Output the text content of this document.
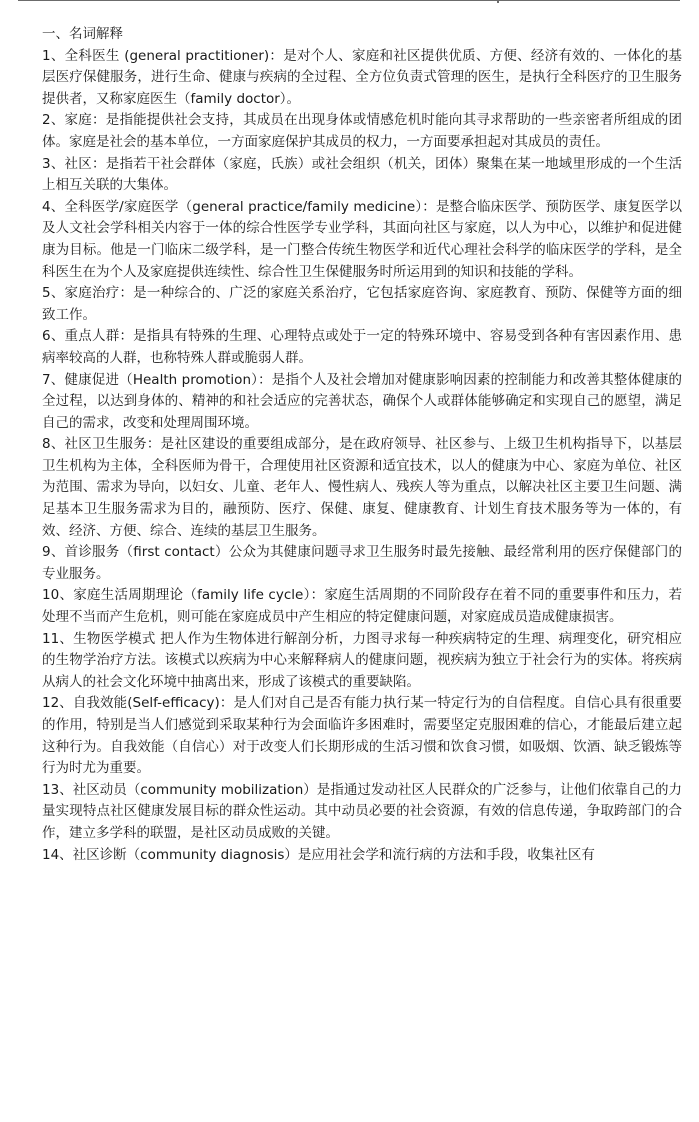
一、名词解释

1、全科医生 (general practitioner)：是对个人、家庭和社区提供优质、方便、经济有效的、一体化的基层医疗保健服务，进行生命、健康与疾病的全过程、全方位负责式管理的医生，是执行全科医疗的卫生服务提供者，又称家庭医生（family doctor）。

2、家庭：是指能提供社会支持，其成员在出现身体或情感危机时能向其寻求帮助的一些亲密者所组成的团体。家庭是社会的基本单位，一方面家庭保护其成员的权力，一方面要承担起对其成员的责任。

3、社区：是指若干社会群体（家庭，氏族）或社会组织（机关，团体）聚集在某一地域里形成的一个生活上相互关联的大集体。

4、全科医学/家庭医学（general practice/family medicine）：是整合临床医学、预防医学、康复医学以及人文社会学科相关内容于一体的综合性医学专业学科，其面向社区与家庭，以人为中心，以维护和促进健康为目标。他是一门临床二级学科，是一门整合传统生物医学和近代心理社会科学的临床医学的学科，是全科医生在为个人及家庭提供连续性、综合性卫生保健服务时所运用到的知识和技能的学科。

5、家庭治疗：是一种综合的、广泛的家庭关系治疗，它包括家庭咨询、家庭教育、预防、保健等方面的细致工作。

6、重点人群：是指具有特殊的生理、心理特点或处于一定的特殊环境中、容易受到各种有害因素作用、患病率较高的人群，也称特殊人群或脆弱人群。

7、健康促进（Health promotion）：是指个人及社会增加对健康影响因素的控制能力和改善其整体健康的全过程，以达到身体的、精神的和社会适应的完善状态，确保个人或群体能够确定和实现自己的愿望，满足自己的需求，改变和处理周围环境。

8、社区卫生服务：是社区建设的重要组成部分，是在政府领导、社区参与、上级卫生机构指导下，以基层卫生机构为主体，全科医师为骨干，合理使用社区资源和适宜技术，以人的健康为中心、家庭为单位、社区为范围、需求为导向，以妇女、儿童、老年人、慢性病人、残疾人等为重点，以解决社区主要卫生问题、满足基本卫生服务需求为目的，融预防、医疗、保健、康复、健康教育、计划生育技术服务等为一体的，有效、经济、方便、综合、连续的基层卫生服务。

9、首诊服务（first contact）公众为其健康问题寻求卫生服务时最先接触、最经常利用的医疗保健部门的专业服务。

10、家庭生活周期理论（family life cycle）：家庭生活周期的不同阶段存在着不同的重要事件和压力，若处理不当而产生危机，则可能在家庭成员中产生相应的特定健康问题，对家庭成员造成健康损害。

11、生物医学模式 把人作为生物体进行解剖分析，力图寻求每一种疾病特定的生理、病理变化，研究相应的生物学治疗方法。该模式以疾病为中心来解释病人的健康问题，视疾病为独立于社会行为的实体。将疾病从病人的社会文化环境中抽离出来，形成了该模式的重要缺陷。

12、自我效能(Self-efficacy)：是人们对自己是否有能力执行某一特定行为的自信程度。自信心具有很重要的作用，特别是当人们感觉到采取某种行为会面临许多困难时，需要坚定克服困难的信心，才能最后建立起这种行为。自我效能（自信心）对于改变人们长期形成的生活习惯和饮食习惯，如吸烟、饮酒、缺乏锻炼等行为时尤为重要。

13、社区动员（community mobilization）是指通过发动社区人民群众的广泛参与，让他们依靠自己的力量实现特点社区健康发展目标的群众性运动。其中动员必要的社会资源，有效的信息传递，争取跨部门的合作，建立多学科的联盟，是社区动员成败的关键。

14、社区诊断（community diagnosis）是应用社会学和流行病的方法和手段，收集社区有
